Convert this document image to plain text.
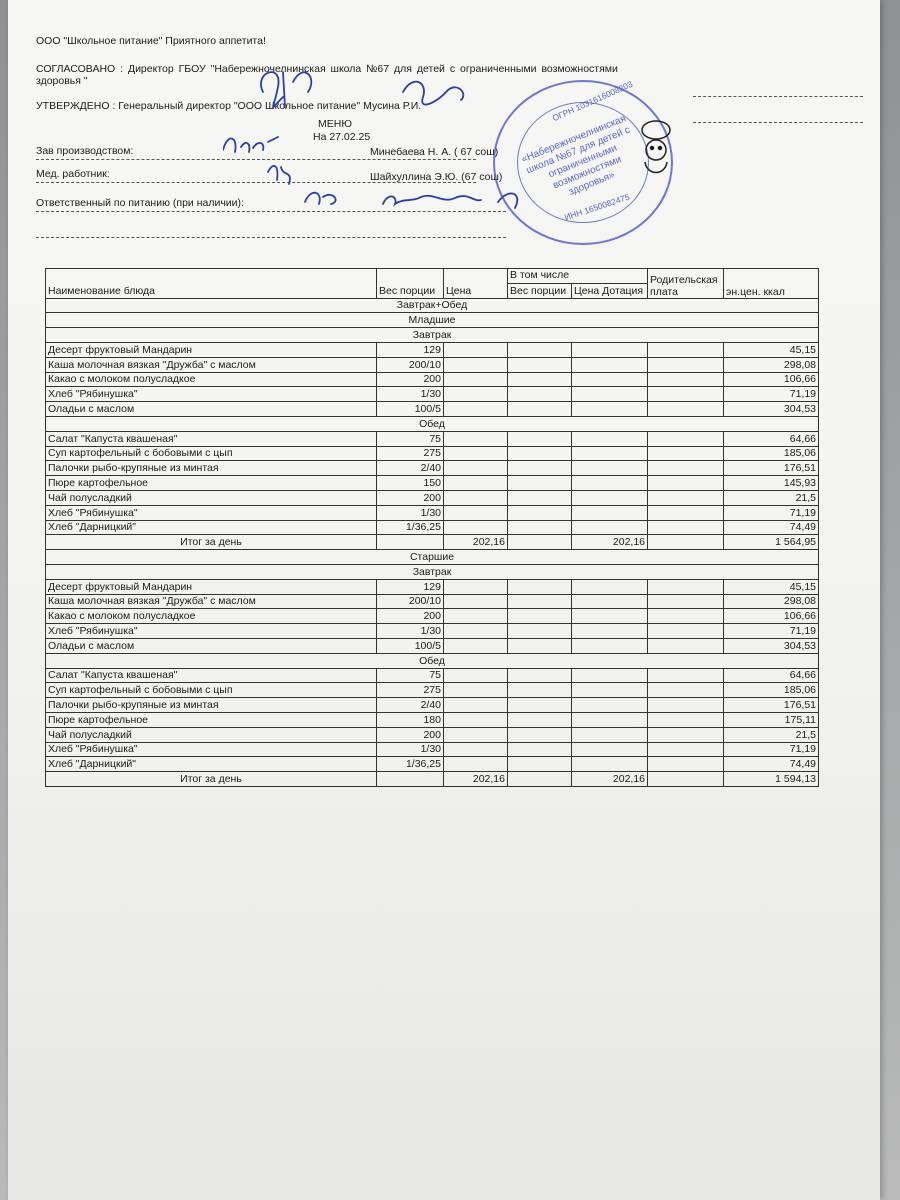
ООО "Школьное питание" Приятного аппетита!
СОГЛАСОВАНО : Директор ГБОУ "Набережночелнинская школа №67 для детей с ограниченными возможностями
здоровья "
УТВЕРЖДЕНО : Генеральный директор "ООО Школьное питание" Мусина Р.И.
МЕНЮ
На 27.02.25
Зав производством:	Минебаева Н. А. ( 67 сош)
Мед. работник:	Шайхуллина Э.Ю. (67 сош)
Ответственный по питанию (при наличии):
«Набережночелнинская школа №67 для детей с ограниченными возможностями здоровья»
ОГРН 1031616008203
ИНН 1650082475
Наименование блюда	Вес порции	Цена	В том числе		Родительская плата	эн.цен. ккал
			Вес порции	Цена Дотация		
Завтрак+Обед						
Младшие						
Завтрак						
Десерт фруктовый Мандарин	129					45,15
Каша молочная вязкая "Дружба" с маслом	200/10					298,08
Какао с молоком полусладкое	200					106,66
Хлеб "Рябинушка"	1/30					71,19
Оладьи с маслом	100/5					304,53
Обед						
Салат "Капуста квашеная"	75					64,66
Суп картофельный с бобовыми с цып	275					185,06
Палочки рыбо-крупяные из минтая	2/40					176,51
Пюре картофельное	150					145,93
Чай полусладкий	200					21,5
Хлеб "Рябинушка"	1/30					71,19
Хлеб "Дарницкий"	1/36,25					74,49
Итог за день		202,16		202,16		1 564,95
Старшие						
Завтрак						
Десерт фруктовый Мандарин	129					45,15
Каша молочная вязкая "Дружба" с маслом	200/10					298,08
Какао с молоком полусладкое	200					106,66
Хлеб "Рябинушка"	1/30					71,19
Оладьи с маслом	100/5					304,53
Обед						
Салат "Капуста квашеная"	75					64,66
Суп картофельный с бобовыми с цып	275					185,06
Палочки рыбо-крупяные из минтая	2/40					176,51
Пюре картофельное	180					175,11
Чай полусладкий	200					21,5
Хлеб "Рябинушка"	1/30					71,19
Хлеб "Дарницкий"	1/36,25					74,49
Итог за день		202,16		202,16		1 594,13
